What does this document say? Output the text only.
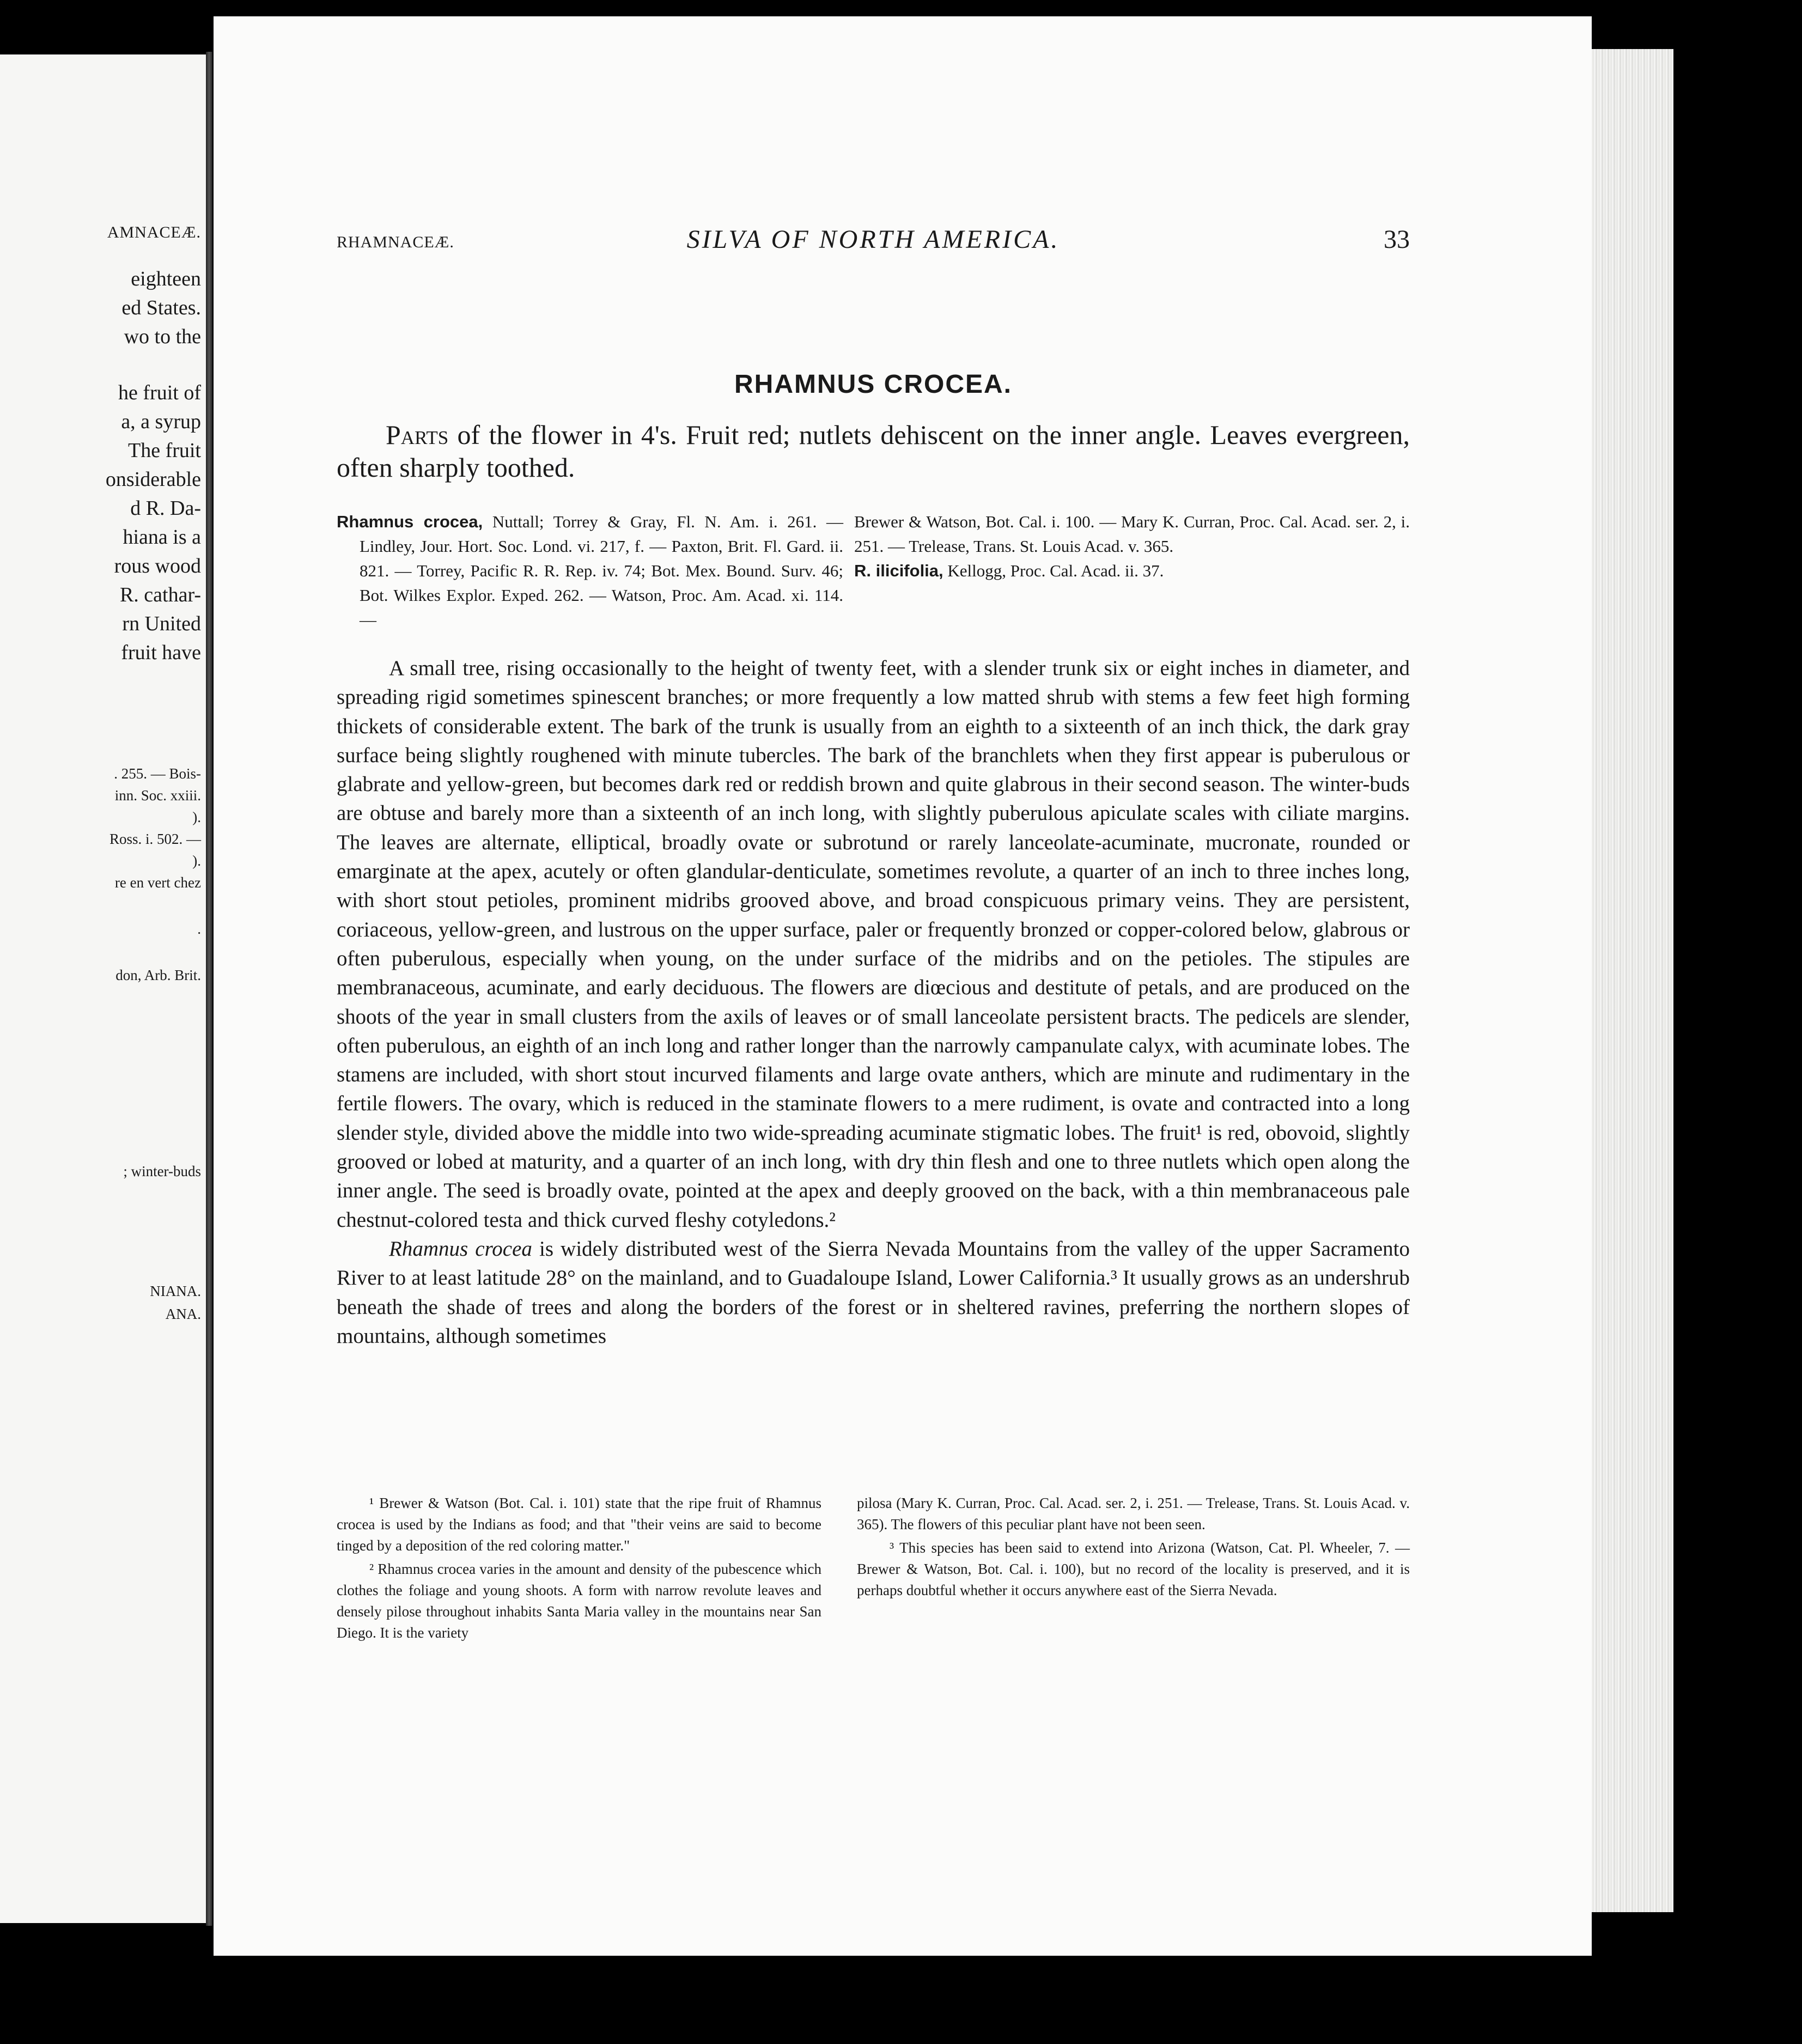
AMNACEÆ.
eighteen
ed States.
wo to the
he fruit of
a, a syrup
The fruit
onsiderable
d R. Da-
hiana is a
rous wood
R. cathar-
rn United
fruit have
. 255. — Bois-
inn. Soc. xxiii.
).
Ross. i. 502. —
).
re en vert chez
.
don, Arb. Brit.
; winter-buds
NIANA.
ANA.
RHAMNACEÆ.	SILVA OF NORTH AMERICA.	33
RHAMNUS CROCEA.
Parts of the flower in 4's. Fruit red; nutlets dehiscent on the inner angle. Leaves evergreen, often sharply toothed.

Rhamnus crocea, Nuttall; Torrey & Gray, Fl. N. Am. i. 261. — Lindley, Jour. Hort. Soc. Lond. vi. 217, f. — Paxton, Brit. Fl. Gard. ii. 821. — Torrey, Pacific R. R. Rep. iv. 74; Bot. Mex. Bound. Surv. 46; Bot. Wilkes Explor. Exped. 262. — Watson, Proc. Am. Acad. xi. 114. —

Brewer & Watson, Bot. Cal. i. 100. — Mary K. Curran, Proc. Cal. Acad. ser. 2, i. 251. — Trelease, Trans. St. Louis Acad. v. 365.

R. ilicifolia, Kellogg, Proc. Cal. Acad. ii. 37.

A small tree, rising occasionally to the height of twenty feet, with a slender trunk six or eight inches in diameter, and spreading rigid sometimes spinescent branches; or more frequently a low matted shrub with stems a few feet high forming thickets of considerable extent. The bark of the trunk is usually from an eighth to a sixteenth of an inch thick, the dark gray surface being slightly roughened with minute tubercles. The bark of the branchlets when they first appear is puberulous or glabrate and yellow-green, but becomes dark red or reddish brown and quite glabrous in their second season. The winter-buds are obtuse and barely more than a sixteenth of an inch long, with slightly puberulous apiculate scales with ciliate margins. The leaves are alternate, elliptical, broadly ovate or subrotund or rarely lanceolate-acuminate, mucronate, rounded or emarginate at the apex, acutely or often glandular-denticulate, sometimes revolute, a quarter of an inch to three inches long, with short stout petioles, prominent midribs grooved above, and broad conspicuous primary veins. They are persistent, coriaceous, yellow-green, and lustrous on the upper surface, paler or frequently bronzed or copper-colored below, glabrous or often puberulous, especially when young, on the under surface of the midribs and on the petioles. The stipules are membranaceous, acuminate, and early deciduous. The flowers are diœcious and destitute of petals, and are produced on the shoots of the year in small clusters from the axils of leaves or of small lanceolate persistent bracts. The pedicels are slender, often puberulous, an eighth of an inch long and rather longer than the narrowly campanulate calyx, with acuminate lobes. The stamens are included, with short stout incurved filaments and large ovate anthers, which are minute and rudimentary in the fertile flowers. The ovary, which is reduced in the staminate flowers to a mere rudiment, is ovate and contracted into a long slender style, divided above the middle into two wide-spreading acuminate stigmatic lobes. The fruit¹ is red, obovoid, slightly grooved or lobed at maturity, and a quarter of an inch long, with dry thin flesh and one to three nutlets which open along the inner angle. The seed is broadly ovate, pointed at the apex and deeply grooved on the back, with a thin membranaceous pale chestnut-colored testa and thick curved fleshy cotyledons.²

Rhamnus crocea is widely distributed west of the Sierra Nevada Mountains from the valley of the upper Sacramento River to at least latitude 28° on the mainland, and to Guadaloupe Island, Lower California.³ It usually grows as an undershrub beneath the shade of trees and along the borders of the forest or in sheltered ravines, preferring the northern slopes of mountains, although sometimes

¹ Brewer & Watson (Bot. Cal. i. 101) state that the ripe fruit of Rhamnus crocea is used by the Indians as food; and that "their veins are said to become tinged by a deposition of the red coloring matter."

² Rhamnus crocea varies in the amount and density of the pubescence which clothes the foliage and young shoots. A form with narrow revolute leaves and densely pilose throughout inhabits Santa Maria valley in the mountains near San Diego. It is the variety

pilosa (Mary K. Curran, Proc. Cal. Acad. ser. 2, i. 251. — Trelease, Trans. St. Louis Acad. v. 365). The flowers of this peculiar plant have not been seen.

³ This species has been said to extend into Arizona (Watson, Cat. Pl. Wheeler, 7. — Brewer & Watson, Bot. Cal. i. 100), but no record of the locality is preserved, and it is perhaps doubtful whether it occurs anywhere east of the Sierra Nevada.
